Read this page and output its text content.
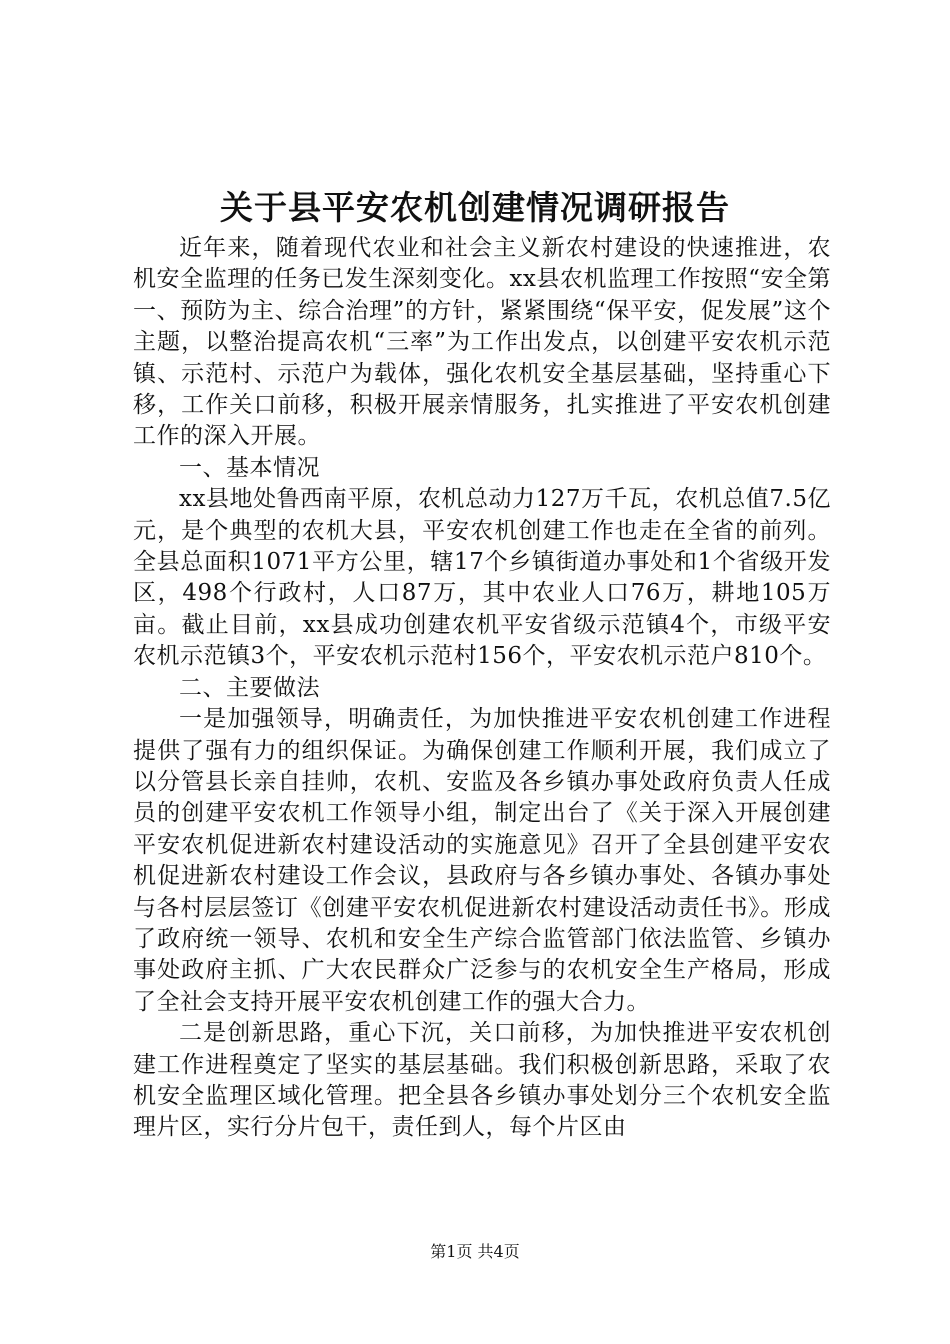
关于县平安农机创建情况调研报告

近年来，随着现代农业和社会主义新农村建设的快速推进，农机安全监理的任务已发生深刻变化。xx县农机监理工作按照“安全第一、预防为主、综合治理”的方针，紧紧围绕“保平安，促发展”这个主题，以整治提高农机“三率”为工作出发点，以创建平安农机示范镇、示范村、示范户为载体，强化农机安全基层基础，坚持重心下移，工作关口前移，积极开展亲情服务，扎实推进了平安农机创建工作的深入开展。

一、基本情况

xx县地处鲁西南平原，农机总动力127万千瓦，农机总值7.5亿元，是个典型的农机大县，平安农机创建工作也走在全省的前列。全县总面积1071平方公里，辖17个乡镇街道办事处和1个省级开发区，498个行政村，人口87万，其中农业人口76万，耕地105万亩。截止目前，xx县成功创建农机平安省级示范镇4个，市级平安农机示范镇3个，平安农机示范村156个，平安农机示范户810个。

二、主要做法

一是加强领导，明确责任，为加快推进平安农机创建工作进程提供了强有力的组织保证。为确保创建工作顺利开展，我们成立了以分管县长亲自挂帅，农机、安监及各乡镇办事处政府负责人任成员的创建平安农机工作领导小组，制定出台了《关于深入开展创建平安农机促进新农村建设活动的实施意见》召开了全县创建平安农机促进新农村建设工作会议，县政府与各乡镇办事处、各镇办事处与各村层层签订《创建平安农机促进新农村建设活动责任书》。形成了政府统一领导、农机和安全生产综合监管部门依法监管、乡镇办事处政府主抓、广大农民群众广泛参与的农机安全生产格局，形成了全社会支持开展平安农机创建工作的强大合力。

二是创新思路，重心下沉，关口前移，为加快推进平安农机创建工作进程奠定了坚实的基层基础。我们积极创新思路，采取了农机安全监理区域化管理。把全县各乡镇办事处划分三个农机安全监理片区，实行分片包干，责任到人，每个片区由

第1页 共4页
